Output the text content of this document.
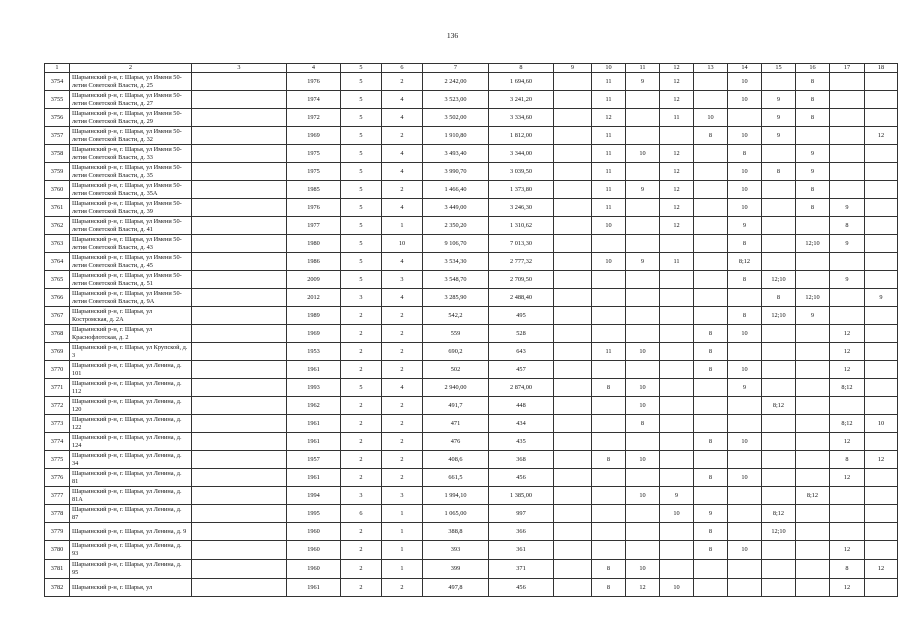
136
1	2	3	4	5	6	7	8	9	10	11	12	13	14	15	16	17	18
3754	Шарьинский р-н, г. Шарья, ул Имени 50-летия Советской Власти, д. 25		1976	5	2	2 242,00	1 694,60		11	9	12		10		8		
3755	Шарьинский р-н, г. Шарья, ул Имени 50-летия Советской Власти, д. 27		1974	5	4	3 523,00	3 241,20		11		12		10	9	8		
3756	Шарьинский р-н, г. Шарья, ул Имени 50-летия Советской Власти, д. 29		1972	5	4	3 502,00	3 334,60		12		11	10		9	8		
3757	Шарьинский р-н, г. Шарья, ул Имени 50-летия Советской Власти, д. 32		1969	5	2	1 910,80	1 812,00		11			8	10	9			12
3758	Шарьинский р-н, г. Шарья, ул Имени 50-летия Советской Власти, д. 33		1975	5	4	3 493,40	3 344,00		11	10	12		8		9		
3759	Шарьинский р-н, г. Шарья, ул Имени 50-летия Советской Власти, д. 35		1975	5	4	3 990,70	3 039,50		11		12		10	8	9		
3760	Шарьинский р-н, г. Шарья, ул Имени 50-летия Советской Власти, д. 35А		1985	5	2	1 466,40	1 373,80		11	9	12		10		8		
3761	Шарьинский р-н, г. Шарья, ул Имени 50-летия Советской Власти, д. 39		1976	5	4	3 449,00	3 246,30		11		12		10		8	9	
3762	Шарьинский р-н, г. Шарья, ул Имени 50-летия Советской Власти, д. 41		1977	5	1	2 350,20	1 310,62		10		12		9			8	
3763	Шарьинский р-н, г. Шарья, ул Имени 50-летия Советской Власти, д. 43		1980	5	10	9 106,70	7 013,30						8		12;10	9	
3764	Шарьинский р-н, г. Шарья, ул Имени 50-летия Советской Власти, д. 45		1986	5	4	3 534,30	2 777,32		10	9	11		8;12				
3765	Шарьинский р-н, г. Шарья, ул Имени 50-летия Советской Власти, д. 51		2009	5	3	3 548,70	2 709,50						8	12;10		9	
3766	Шарьинский р-н, г. Шарья, ул Имени 50-летия Советской Власти, д. 9А		2012	3	4	3 285,90	2 488,40							8	12;10		9
3767	Шарьинский р-н, г. Шарья, ул Костромская, д. 2А		1989	2	2	542,2	495						8	12;10	9		
3768	Шарьинский р-н, г. Шарья, ул Краснофлотская, д. 2		1969	2	2	559	528					8	10			12	
3769	Шарьинский р-н, г. Шарья, ул Крупской, д. 3		1953	2	2	690,2	643		11	10		8				12	
3770	Шарьинский р-н, г. Шарья, ул Ленина, д. 101		1961	2	2	502	457					8	10			12	
3771	Шарьинский р-н, г. Шарья, ул Ленина, д. 112		1993	5	4	2 940,00	2 874,00		8	10			9			8;12	
3772	Шарьинский р-н, г. Шарья, ул Ленина, д. 120		1962	2	2	491,7	448			10				8;12			
3773	Шарьинский р-н, г. Шарья, ул Ленина, д. 122		1961	2	2	471	434			8						8;12	10
3774	Шарьинский р-н, г. Шарья, ул Ленина, д. 124		1961	2	2	476	435					8	10			12	
3775	Шарьинский р-н, г. Шарья, ул Ленина, д. 34		1957	2	2	408,6	368		8	10						8	12
3776	Шарьинский р-н, г. Шарья, ул Ленина, д. 81		1961	2	2	661,5	456					8	10			12	
3777	Шарьинский р-н, г. Шарья, ул Ленина, д. 81А		1994	3	3	1 994,10	1 385,00			10	9				8;12		
3778	Шарьинский р-н, г. Шарья, ул Ленина, д. 87		1995	6	1	1 065,00	997				10	9		8;12			
3779	Шарьинский р-н, г. Шарья, ул Ленина, д. 9		1960	2	1	388,8	366					8		12;10			
3780	Шарьинский р-н, г. Шарья, ул Ленина, д. 93		1960	2	1	393	361					8	10			12	
3781	Шарьинский р-н, г. Шарья, ул Ленина, д. 95		1960	2	1	399	371		8	10						8	12
3782	Шарьинский р-н, г. Шарья, ул		1961	2	2	497,8	456		8	12	10					12	
